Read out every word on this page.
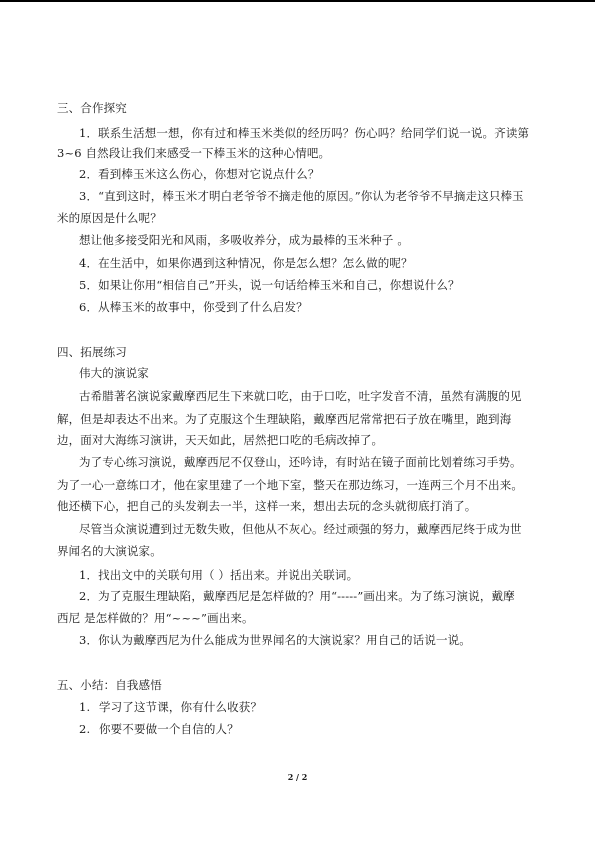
三、合作探究
1．联系生活想一想，你有过和棒玉米类似的经历吗？伤心吗？给同学们说一说。齐读第
3~6 自然段让我们来感受一下棒玉米的这种心情吧。
2．看到棒玉米这么伤心，你想对它说点什么？
3．“直到这时，棒玉米才明白老爷爷不摘走他的原因。”你认为老爷爷不早摘走这只棒玉
米的原因是什么呢？
想让他多接受阳光和风雨，多吸收养分，成为最棒的玉米种子 。
4．在生活中，如果你遇到这种情况，你是怎么想？怎么做的呢？
5．如果让你用“相信自己”开头，说一句话给棒玉米和自己，你想说什么？
6．从棒玉米的故事中，你受到了什么启发？
四、拓展练习
伟大的演说家
古希腊著名演说家戴摩西尼生下来就口吃，由于口吃，吐字发音不清，虽然有满腹的见
解，但是却表达不出来。为了克服这个生理缺陷，戴摩西尼常常把石子放在嘴里，跑到海
边，面对大海练习演讲，天天如此，居然把口吃的毛病改掉了。
为了专心练习演说，戴摩西尼不仅登山，还吟诗，有时站在镜子面前比划着练习手势。
为了一心一意练口才，他在家里建了一个地下室，整天在那边练习，一连两三个月不出来。
他还横下心，把自己的头发剃去一半，这样一来，想出去玩的念头就彻底打消了。
尽管当众演说遭到过无数失败，但他从不灰心。经过顽强的努力，戴摩西尼终于成为世
界闻名的大演说家。
1．找出文中的关联句用（ ）括出来。并说出关联词。
2．为了克服生理缺陷，戴摩西尼是怎样做的？用“-----”画出来。为了练习演说，戴摩
西尼 是怎样做的？用“~~~”画出来。
3．你认为戴摩西尼为什么能成为世界闻名的大演说家？用自己的话说一说。
五、小结：自我感悟
1. 学习了这节课，你有什么收获？
2. 你要不要做一个自信的人？
2 / 2
